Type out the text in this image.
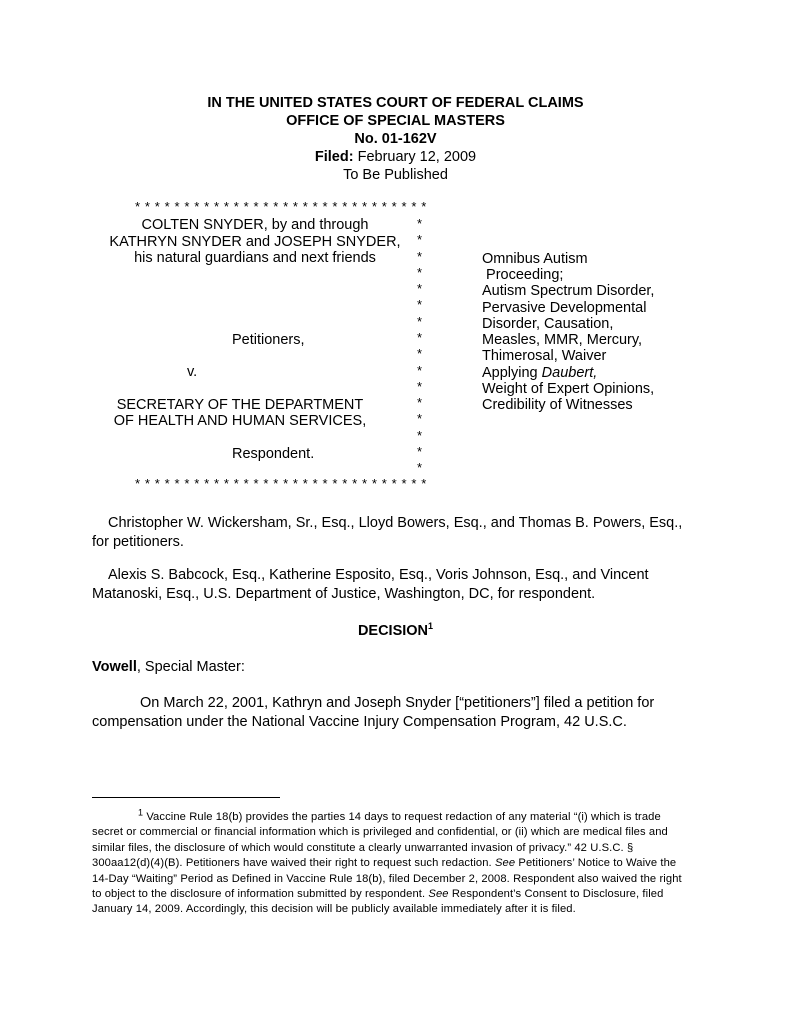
IN THE UNITED STATES COURT OF FEDERAL CLAIMS
OFFICE OF SPECIAL MASTERS
No. 01-162V
Filed: February 12, 2009
To Be Published
* * * * * * * * * * * * * * * * * * * * * * * * * * * * * *
COLTEN SNYDER, by and through
KATHRYN SNYDER and JOSEPH SNYDER,
his natural guardians and next friends
Petitioners,
v.
SECRETARY OF THE DEPARTMENT
OF HEALTH AND HUMAN SERVICES,
Respondent.
*
*
*
*
*
*
*
*
*
*
*
*
*
*
*
*
* * * * * * * * * * * * * * * * * * * * * * * * * * * * * *
Omnibus Autism
Proceeding;
Autism Spectrum Disorder,
Pervasive Developmental
Disorder, Causation,
Measles, MMR, Mercury,
Thimerosal, Waiver
Applying Daubert,
Weight of Expert Opinions,
Credibility of Witnesses
Christopher W. Wickersham, Sr., Esq., Lloyd Bowers, Esq., and Thomas B. Powers, Esq., for petitioners.
Alexis S. Babcock, Esq., Katherine Esposito, Esq., Voris Johnson, Esq., and Vincent Matanoski, Esq., U.S. Department of Justice, Washington, DC, for respondent.
DECISION$^1$
Vowell, Special Master:
On March 22, 2001, Kathryn and Joseph Snyder [“petitioners”] filed a petition for compensation under the National Vaccine Injury Compensation Program, 42 U.S.C.
$^1$ Vaccine Rule 18(b) provides the parties 14 days to request redaction of any material “(i) which is trade secret or commercial or financial information which is privileged and confidential, or (ii) which are medical files and similar files, the disclosure of which would constitute a clearly unwarranted invasion of privacy.” 42 U.S.C. § 300aa12(d)(4)(B). Petitioners have waived their right to request such redaction. See Petitioners’ Notice to Waive the 14-Day “Waiting” Period as Defined in Vaccine Rule 18(b), filed December 2, 2008. Respondent also waived the right to object to the disclosure of information submitted by respondent. See Respondent’s Consent to Disclosure, filed January 14, 2009. Accordingly, this decision will be publicly available immediately after it is filed.
